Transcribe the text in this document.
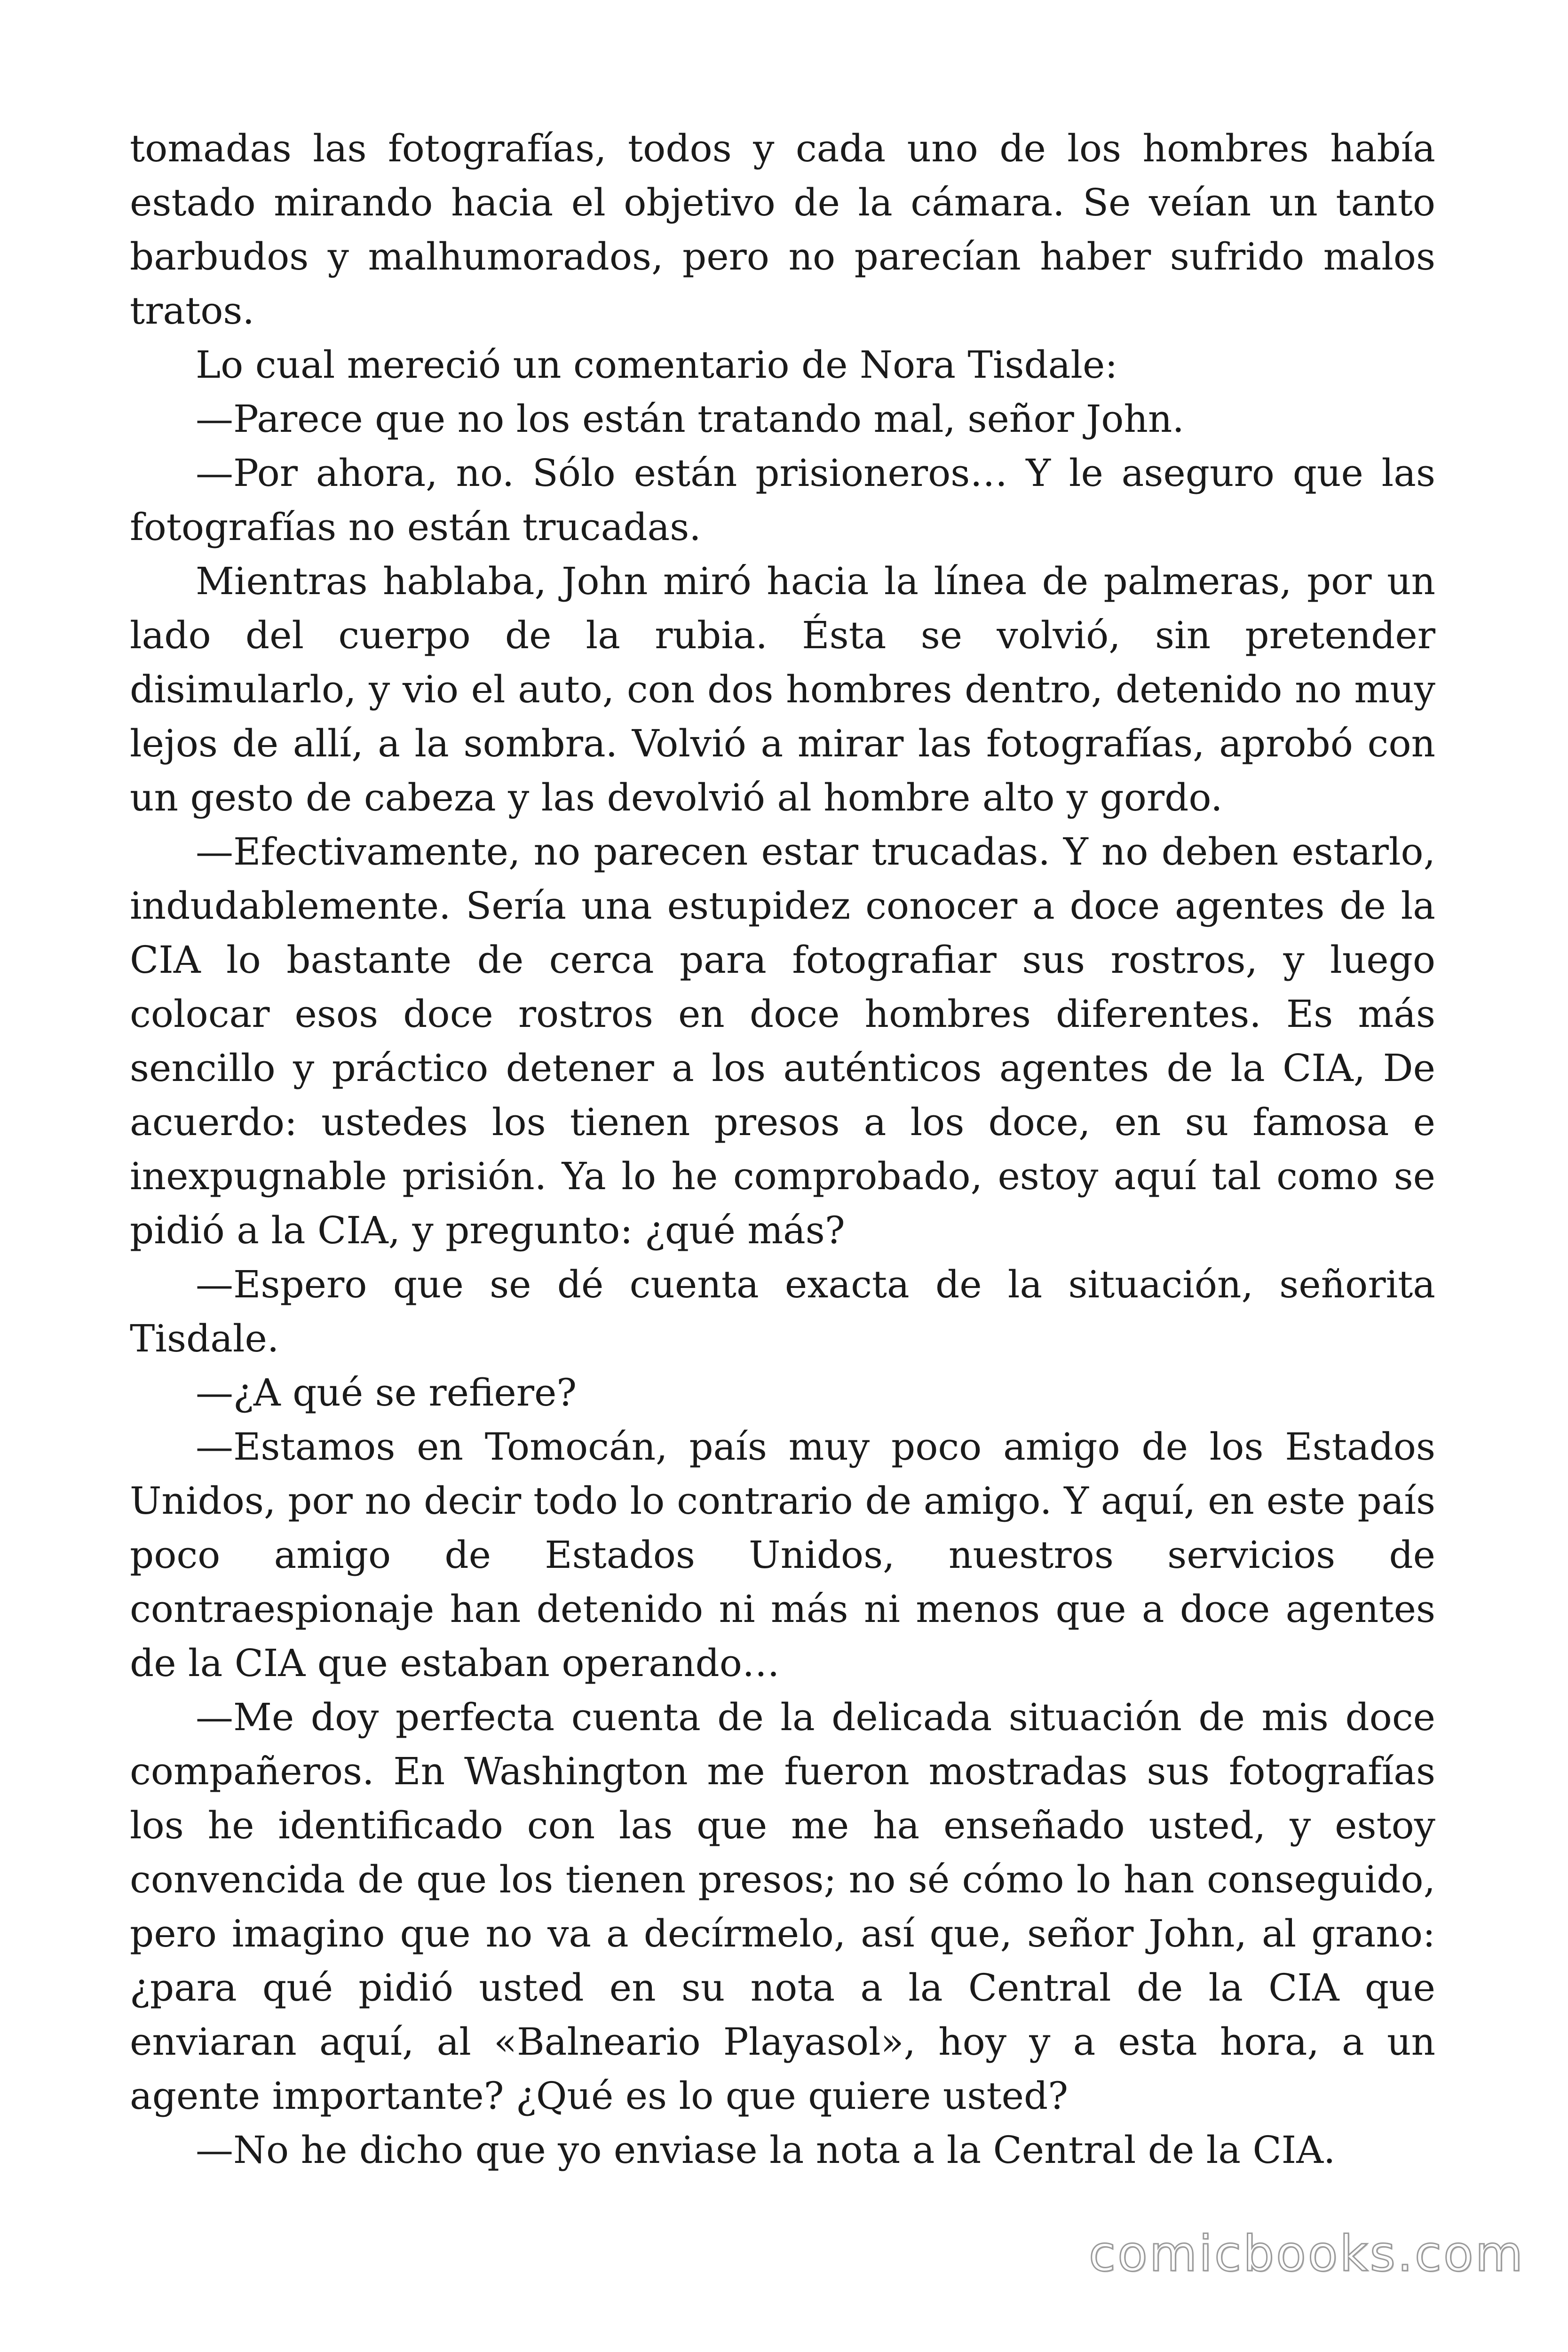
tomadas las fotografías, todos y cada uno de los hombres había estado mirando hacia el objetivo de la cámara. Se veían un tanto barbudos y malhumorados, pero no parecían haber sufrido malos tratos.

Lo cual mereció un comentario de Nora Tisdale:

—Parece que no los están tratando mal, señor John.

—Por ahora, no. Sólo están prisioneros… Y le aseguro que las fotografías no están trucadas.

Mientras hablaba, John miró hacia la línea de palmeras, por un lado del cuerpo de la rubia. Ésta se volvió, sin pretender disimularlo, y vio el auto, con dos hombres dentro, detenido no muy lejos de allí, a la sombra. Volvió a mirar las fotografías, aprobó con un gesto de cabeza y las devolvió al hombre alto y gordo.

—Efectivamente, no parecen estar trucadas. Y no deben estarlo, indudablemente. Sería una estupidez conocer a doce agentes de la CIA lo bastante de cerca para fotografiar sus rostros, y luego colocar esos doce rostros en doce hombres diferentes. Es más sencillo y práctico detener a los auténticos agentes de la CIA, De acuerdo: ustedes los tienen presos a los doce, en su famosa e inexpugnable prisión. Ya lo he comprobado, estoy aquí tal como se pidió a la CIA, y pregunto: ¿qué más?

—Espero que se dé cuenta exacta de la situación, señorita Tisdale.

—¿A qué se refiere?

—Estamos en Tomocán, país muy poco amigo de los Estados Unidos, por no decir todo lo contrario de amigo. Y aquí, en este país poco amigo de Estados Unidos, nuestros servicios de contraespionaje han detenido ni más ni menos que a doce agentes de la CIA que estaban operando…

—Me doy perfecta cuenta de la delicada situación de mis doce compañeros. En Washington me fueron mostradas sus fotografías los he identificado con las que me ha enseñado usted, y estoy convencida de que los tienen presos; no sé cómo lo han conseguido, pero imagino que no va a decírmelo, así que, señor John, al grano: ¿para qué pidió usted en su nota a la Central de la CIA que enviaran aquí, al «Balneario Playasol», hoy y a esta hora, a un agente importante? ¿Qué es lo que quiere usted?

—No he dicho que yo enviase la nota a la Central de la CIA.

comicbooks.com
